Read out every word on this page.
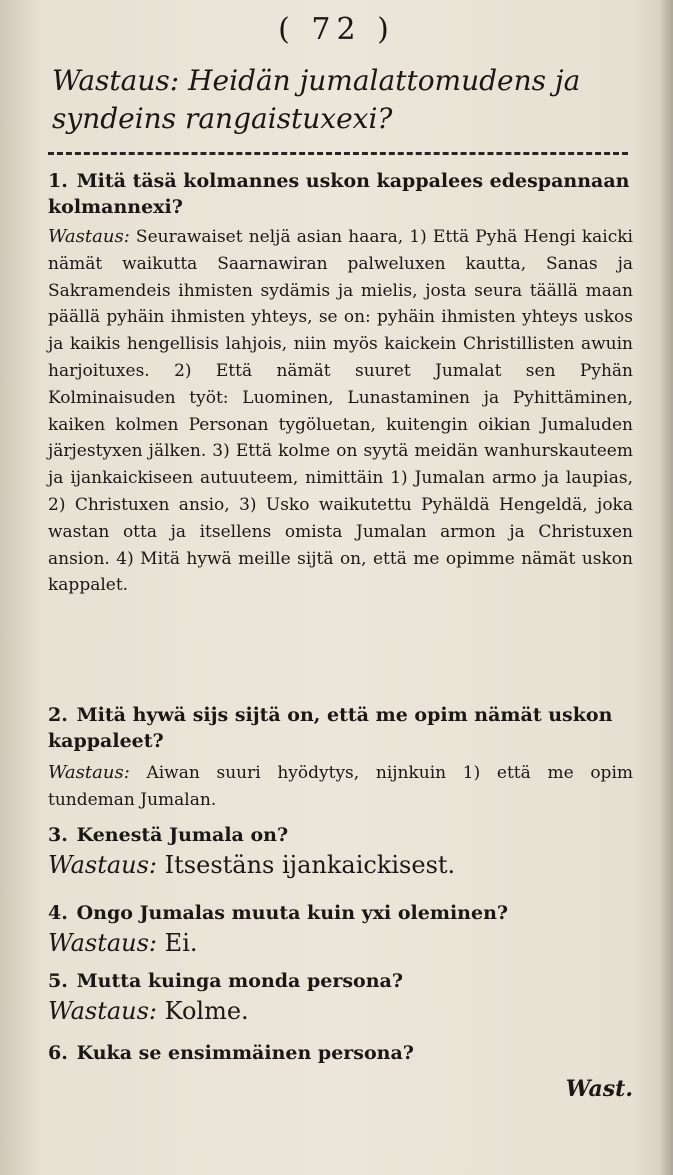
( 72 )
Wastaus: Heidän jumalattomudens ja syndeins rangaistuxexi?
1. Mitä täsä kolmannes uskon kappalees edespannaan kolmannexi?
Wastaus: Seurawaiset neljä asian haara, 1) Että Pyhä Hengi kaicki nämät waikutta Saarnawiran palweluxen kautta, Sanas ja Sakramendeis ihmisten sydämis ja mielis, josta seura täällä maan päällä pyhäin ihmisten yhteys, se on: pyhäin ihmisten yhteys uskos ja kaikis hengellisis lahjois, niin myös kaickein Christillisten awuin harjoituxes. 2) Että nämät suuret Jumalat sen Pyhän Kolminaisuden työt: Luominen, Lunastaminen ja Pyhittäminen, kaiken kolmen Personan tygöluetan, kuitengin oikian Jumaluden järjestyxen jälken. 3) Että kolme on syytä meidän wanhurskauteem ja ijankaickiseen autuuteem, nimittäin 1) Jumalan armo ja laupias, 2) Christuxen ansio, 3) Usko waikutettu Pyhäldä Hengeldä, joka wastan otta ja itsellens omista Jumalan armon ja Christuxen ansion. 4) Mitä hywä meille sijtä on, että me opimme nämät uskon kappalet.
2. Mitä hywä sijs sijtä on, että me opim nämät uskon kappaleet?
Wastaus: Aiwan suuri hyödytys, nijnkuin 1) että me opim tundeman Jumalan.
3. Kenestä Jumala on?
Wastaus: Itsestäns ijankaickisest.
4. Ongo Jumalas muuta kuin yxi oleminen?
Wastaus: Ei.
5. Mutta kuinga monda persona?
Wastaus: Kolme.
6. Kuka se ensimmäinen persona?
Wast.
